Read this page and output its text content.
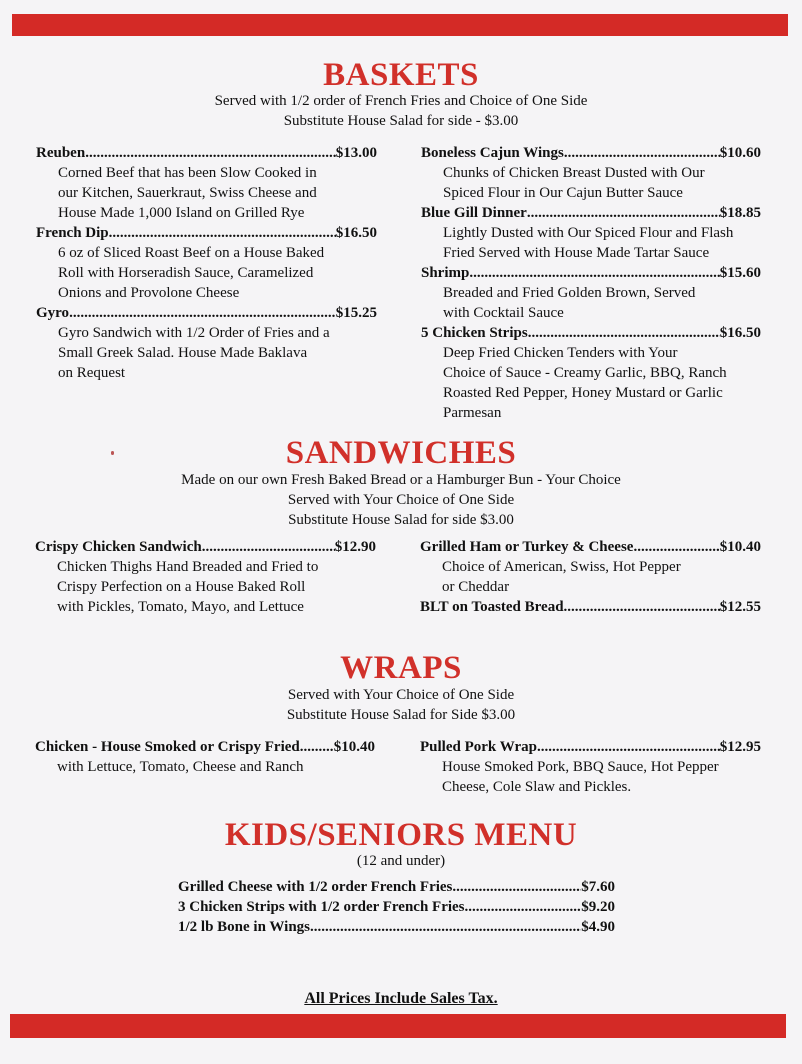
BASKETS
Served with 1/2 order of French Fries and Choice of One Side
Substitute House Salad for side - $3.00
Reuben .....	$13.00
Corned Beef that has been Slow Cooked in
our Kitchen, Sauerkraut, Swiss Cheese and
House Made 1,000 Island on Grilled Rye
French Dip .....	$16.50
6 oz of Sliced Roast Beef on a House Baked
Roll with Horseradish Sauce, Caramelized
Onions and Provolone Cheese
Gyro .....	$15.25
Gyro Sandwich with 1/2 Order of Fries and a
Small Greek Salad. House Made Baklava
on Request
Boneless Cajun Wings .....	$10.60
Chunks of Chicken Breast Dusted with Our
Spiced Flour in Our Cajun Butter Sauce
Blue Gill Dinner .....	$18.85
Lightly Dusted with Our Spiced Flour and Flash
Fried Served with House Made Tartar Sauce
Shrimp .....	$15.60
Breaded and Fried Golden Brown, Served
with Cocktail Sauce
5 Chicken Strips .....	$16.50
Deep Fried Chicken Tenders with Your
Choice of Sauce - Creamy Garlic, BBQ, Ranch
Roasted Red Pepper, Honey Mustard or Garlic
Parmesan
SANDWICHES
Made on our own Fresh Baked Bread or a Hamburger Bun - Your Choice
Served with Your Choice of One Side
Substitute House Salad for side $3.00
Crispy Chicken Sandwich .....	$12.90
Chicken Thighs Hand Breaded and Fried to
Crispy Perfection on a House Baked Roll
with Pickles, Tomato, Mayo, and Lettuce
Grilled Ham or Turkey & Cheese .....	$10.40
Choice of American, Swiss, Hot Pepper
or Cheddar
BLT on Toasted Bread .....	$12.55
WRAPS
Served with Your Choice of One Side
Substitute House Salad for Side $3.00
Chicken - House Smoked or Crispy Fried ..... $10.40
with Lettuce, Tomato, Cheese and Ranch
Pulled Pork Wrap .....	$12.95
House Smoked Pork, BBQ Sauce, Hot Pepper
Cheese, Cole Slaw and Pickles.
KIDS/SENIORS MENU
(12 and under)
Grilled Cheese with 1/2 order French Fries .....	$7.60
3 Chicken Strips with 1/2 order French Fries .....	$9.20
1/2 lb Bone in Wings .....	$4.90
All Prices Include Sales Tax.
